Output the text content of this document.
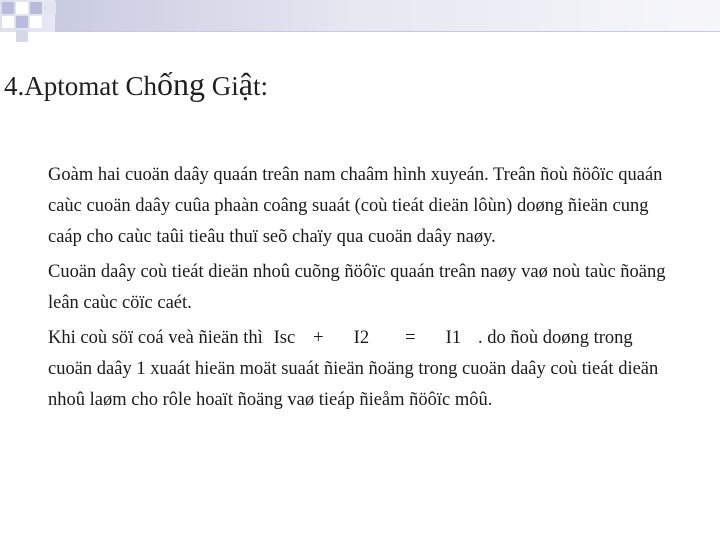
4.Aptomat Chống Giật:

Goàm hai cuoän daây quaán treân nam chaâm hình xuyeán. Treân ñoù ñöôïc quaán caùc cuoän daây cuûa phaàn coâng suaát (coù tieát dieän lôùn) doøng ñieän cung caáp cho caùc taûi tieâu thuï seõ chaïy qua cuoän daây naøy.

Cuoän daây coù tieát dieän nhoû cuõng ñöôïc quaán treân naøy vaø noù taùc ñoäng leân caùc cöïc caét.

Khi coù söï coá veà ñieän thì Isc + I2 = I1 . do ñoù doøng trong cuoän daây 1 xuaát hieän moät suaát ñieän ñoäng trong cuoän daây coù tieát dieän nhoû laøm cho rôle hoaït ñoäng vaø tieáp ñieåm ñöôïc môû.
